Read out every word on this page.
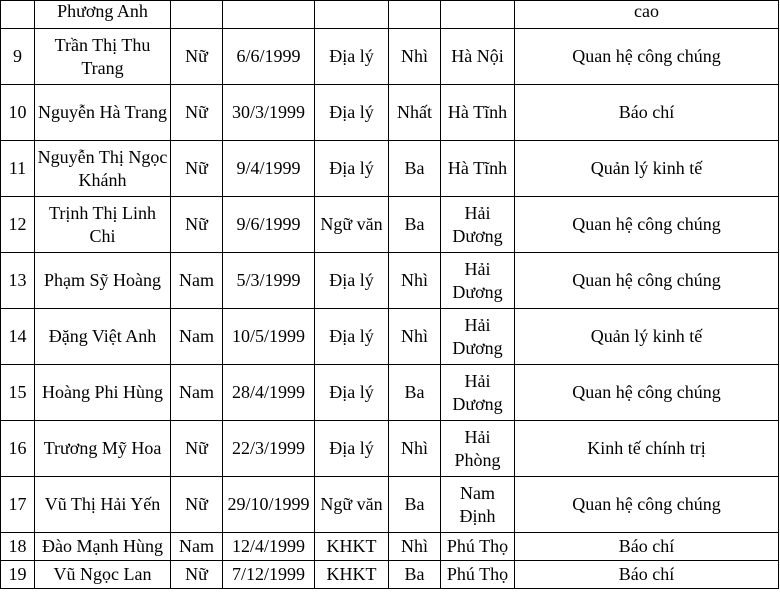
	Phương Anh						cao
9	Trần Thị Thu Trang	Nữ	6/6/1999	Địa lý	Nhì	Hà Nội	Quan hệ công chúng
10	Nguyễn Hà Trang	Nữ	30/3/1999	Địa lý	Nhất	Hà Tĩnh	Báo chí
11	Nguyễn Thị Ngọc Khánh	Nữ	9/4/1999	Địa lý	Ba	Hà Tĩnh	Quản lý kinh tế
12	Trịnh Thị Linh Chi	Nữ	9/6/1999	Ngữ văn	Ba	Hải Dương	Quan hệ công chúng
13	Phạm Sỹ Hoàng	Nam	5/3/1999	Địa lý	Nhì	Hải Dương	Quan hệ công chúng
14	Đặng Việt Anh	Nam	10/5/1999	Địa lý	Nhì	Hải Dương	Quản lý kinh tế
15	Hoàng Phi Hùng	Nam	28/4/1999	Địa lý	Ba	Hải Dương	Quan hệ công chúng
16	Trương Mỹ Hoa	Nữ	22/3/1999	Địa lý	Nhì	Hải Phòng	Kinh tế chính trị
17	Vũ Thị Hải Yến	Nữ	29/10/1999	Ngữ văn	Ba	Nam Định	Quan hệ công chúng
18	Đào Mạnh Hùng	Nam	12/4/1999	KHKT	Nhì	Phú Thọ	Báo chí
19	Vũ Ngọc Lan	Nữ	7/12/1999	KHKT	Ba	Phú Thọ	Báo chí
